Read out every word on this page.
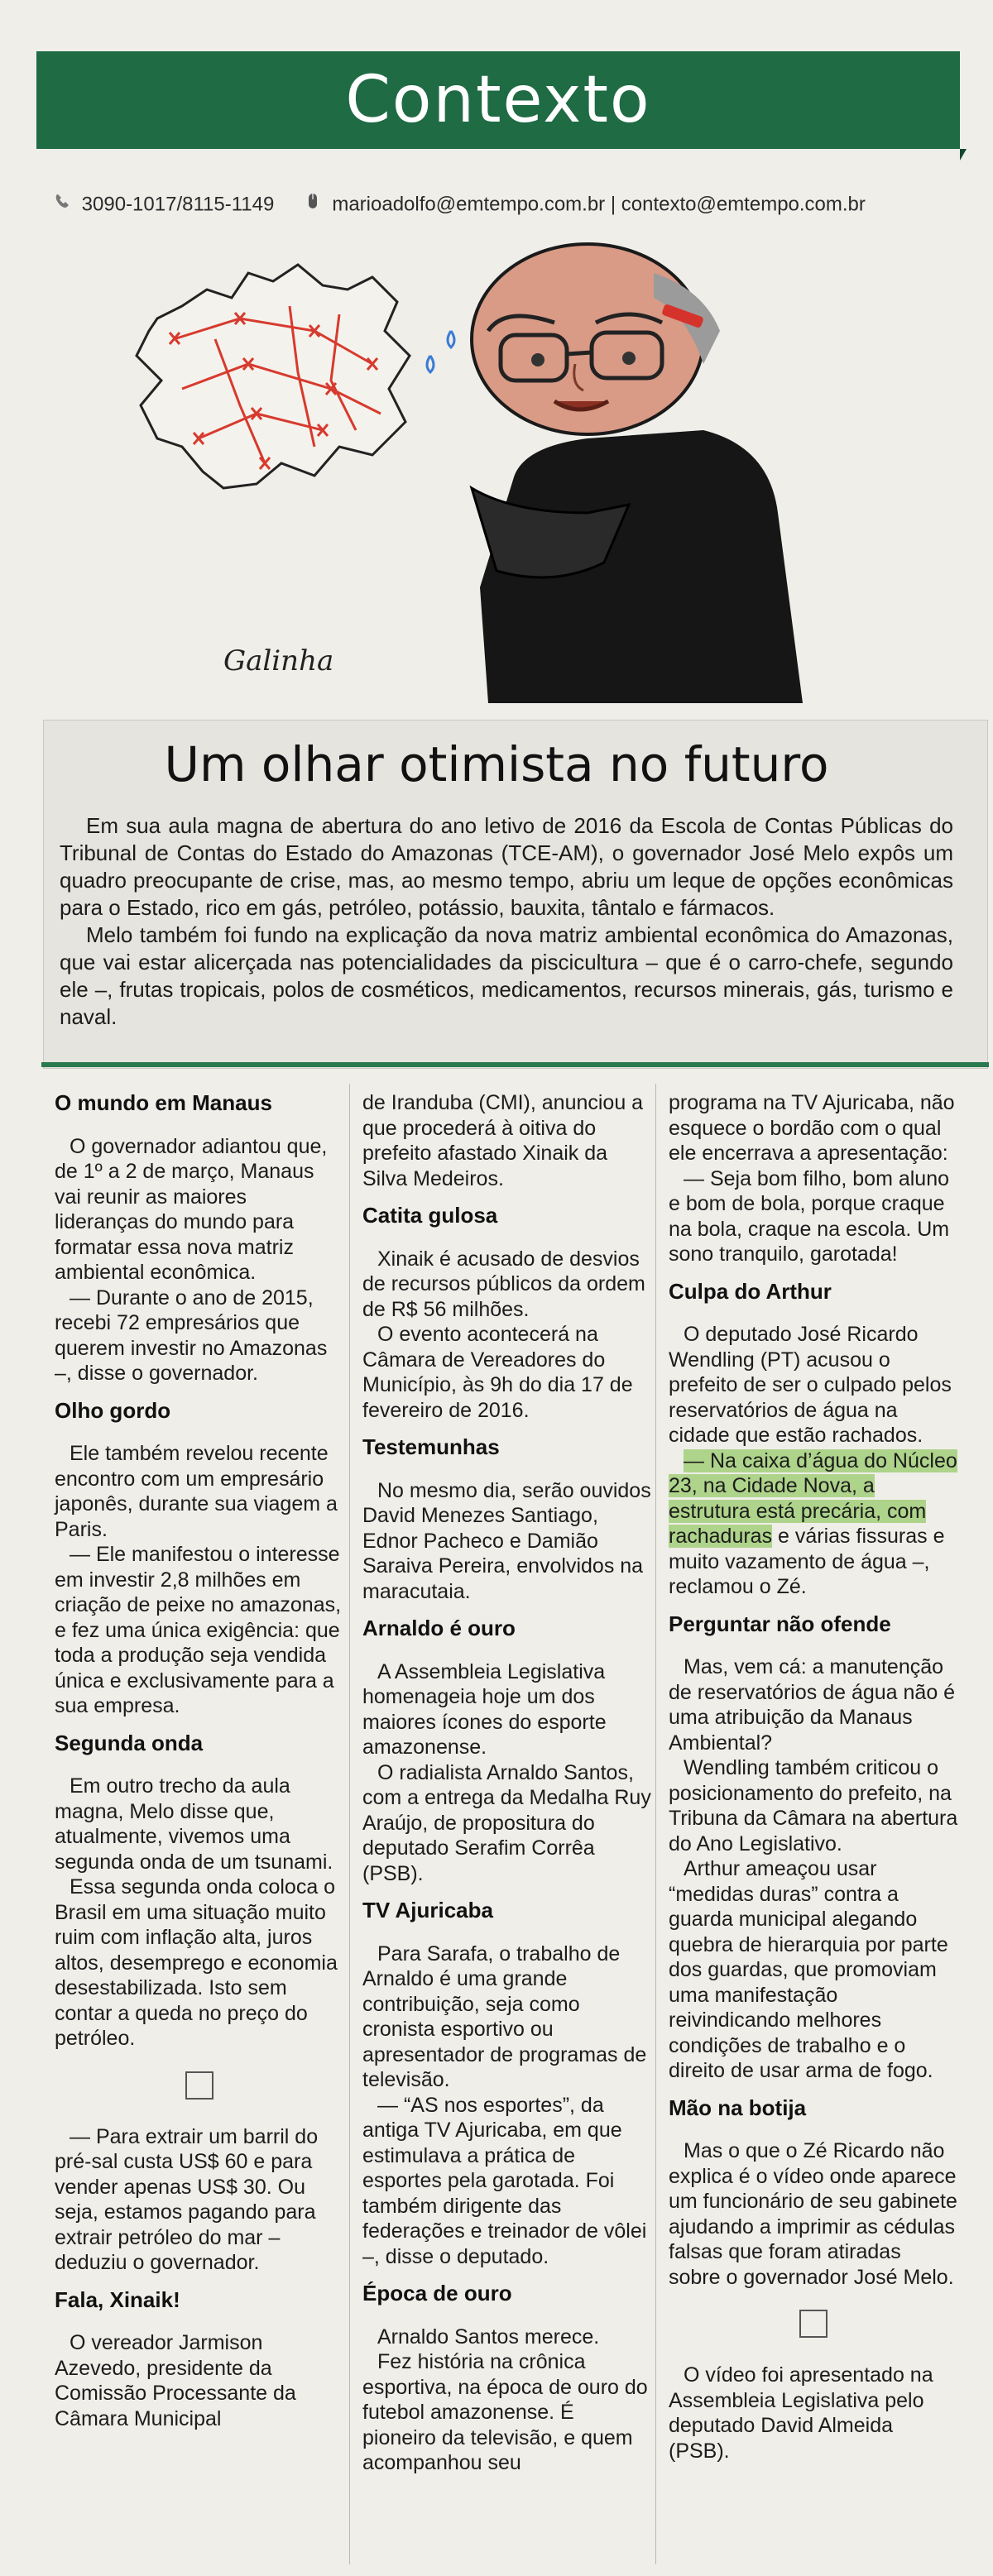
Contexto
3090-1017/8115-1149	marioadolfo@emtempo.com.br | contexto@emtempo.com.br
Galinha
Um olhar otimista no futuro

Em sua aula magna de abertura do ano letivo de 2016 da Escola de Contas Públicas do Tribunal de Contas do Estado do Amazonas (TCE-AM), o governador José Melo expôs um quadro preocupante de crise, mas, ao mesmo tempo, abriu um leque de opções econômicas para o Estado, rico em gás, petróleo, potássio, bauxita, tântalo e fármacos.

Melo também foi fundo na explicação da nova matriz ambiental econômica do Amazonas, que vai estar alicerçada nas potencialidades da piscicultura – que é o carro-chefe, segundo ele –, frutas tropicais, polos de cosméticos, medicamentos, recursos minerais, gás, turismo e naval.

O mundo em Manaus

O governador adiantou que, de 1º a 2 de março, Manaus vai reunir as maiores lideranças do mundo para formatar essa nova matriz ambiental econômica.

— Durante o ano de 2015, recebi 72 empresários que querem investir no Amazonas –, disse o governador.

Olho gordo

Ele também revelou recente encontro com um empresário japonês, durante sua viagem a Paris.

— Ele manifestou o interesse em investir 2,8 milhões em criação de peixe no amazonas, e fez uma única exigência: que toda a produção seja vendida única e exclusivamente para a sua empresa.

Segunda onda

Em outro trecho da aula magna, Melo disse que, atualmente, vivemos uma segunda onda de um tsunami.

Essa segunda onda coloca o Brasil em uma situação muito ruim com inflação alta, juros altos, desemprego e economia desestabilizada. Isto sem contar a queda no preço do petróleo.

— Para extrair um barril do pré-sal custa US$ 60 e para vender apenas US$ 30. Ou seja, estamos pagando para extrair petróleo do mar – deduziu o governador.

Fala, Xinaik!

O vereador Jarmison Azevedo, presidente da Comissão Processante da Câmara Municipal

de Iranduba (CMI), anunciou a que procederá à oitiva do prefeito afastado Xinaik da Silva Medeiros.

Catita gulosa

Xinaik é acusado de desvios de recursos públicos da ordem de R$ 56 milhões.

O evento acontecerá na Câmara de Vereadores do Município, às 9h do dia 17 de fevereiro de 2016.

Testemunhas

No mesmo dia, serão ouvidos David Menezes Santiago, Ednor Pacheco e Damião Saraiva Pereira, envolvidos na maracutaia.

Arnaldo é ouro

A Assembleia Legislativa homenageia hoje um dos maiores ícones do esporte amazonense.

O radialista Arnaldo Santos, com a entrega da Medalha Ruy Araújo, de propositura do deputado Serafim Corrêa (PSB).

TV Ajuricaba

Para Sarafa, o trabalho de Arnaldo é uma grande contribuição, seja como cronista esportivo ou apresentador de programas de televisão.

— “AS nos esportes”, da antiga TV Ajuricaba, em que estimulava a prática de esportes pela garotada. Foi também dirigente das federações e treinador de vôlei –, disse o deputado.

Época de ouro

Arnaldo Santos merece.

Fez história na crônica esportiva, na época de ouro do futebol amazonense. É pioneiro da televisão, e quem acompanhou seu

programa na TV Ajuricaba, não esquece o bordão com o qual ele encerrava a apresentação:

— Seja bom filho, bom aluno e bom de bola, porque craque na bola, craque na escola. Um sono tranquilo, garotada!

Culpa do Arthur

O deputado José Ricardo Wendling (PT) acusou o prefeito de ser o culpado pelos reservatórios de água na cidade que estão rachados.

— Na caixa d’água do Núcleo 23, na Cidade Nova, a estrutura está precária, com rachaduras e várias fissuras e muito vazamento de água –, reclamou o Zé.

Perguntar não ofende

Mas, vem cá: a manutenção de reservatórios de água não é uma atribuição da Manaus Ambiental?

Wendling também criticou o posicionamento do prefeito, na Tribuna da Câmara na abertura do Ano Legislativo.

Arthur ameaçou usar “medidas duras” contra a guarda municipal alegando quebra de hierarquia por parte dos guardas, que promoviam uma manifestação reivindicando melhores condições de trabalho e o direito de usar arma de fogo.

Mão na botija

Mas o que o Zé Ricardo não explica é o vídeo onde aparece um funcionário de seu gabinete ajudando a imprimir as cédulas falsas que foram atiradas sobre o governador José Melo.

O vídeo foi apresentado na Assembleia Legislativa pelo deputado David Almeida (PSB).
